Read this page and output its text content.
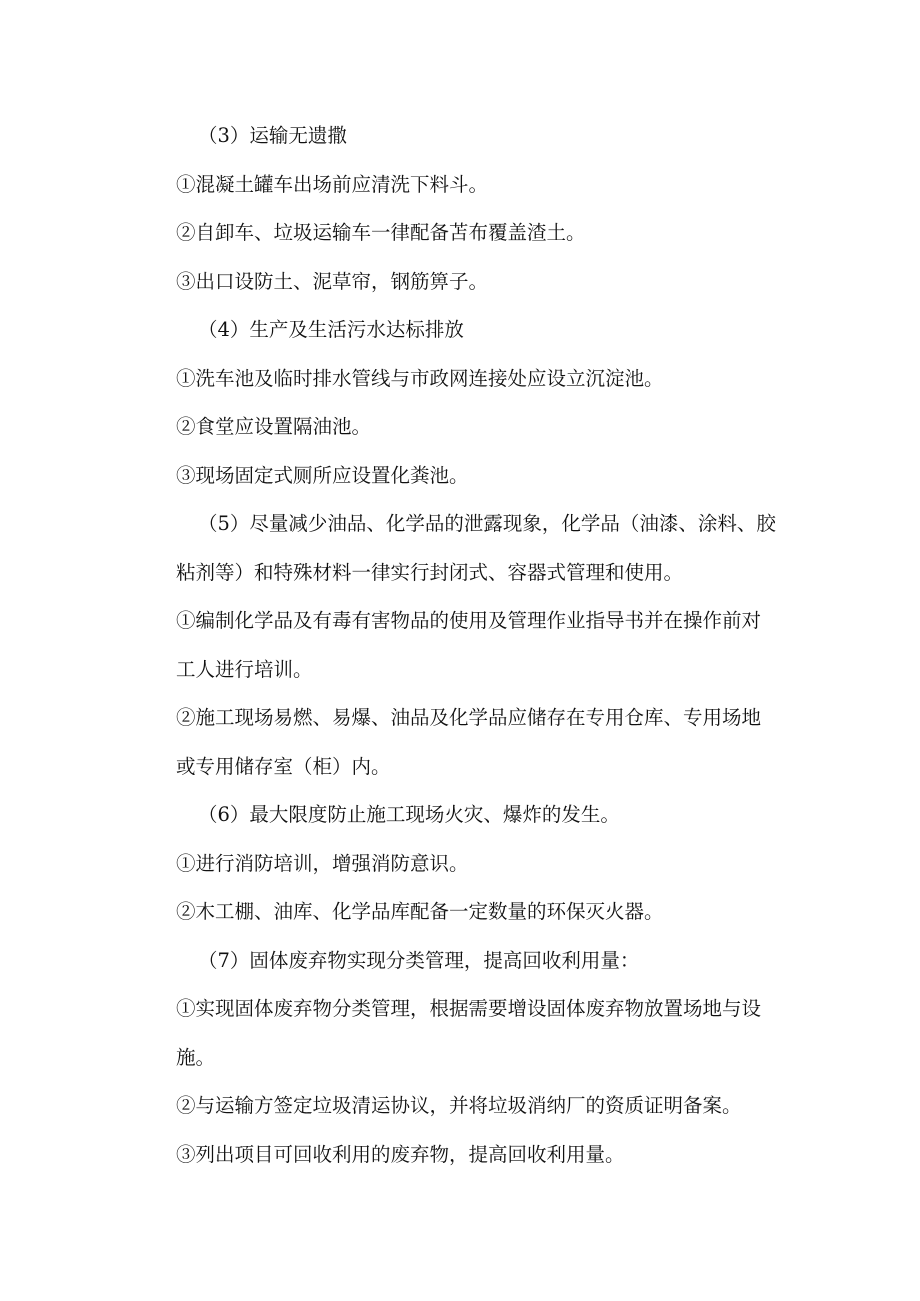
（3）运输无遗撒

①混凝土罐车出场前应清洗下料斗。

②自卸车、垃圾运输车一律配备苫布覆盖渣土。

③出口设防土、泥草帘，钢筋箅子。

（4）生产及生活污水达标排放

①洗车池及临时排水管线与市政网连接处应设立沉淀池。

②食堂应设置隔油池。

③现场固定式厕所应设置化粪池。

（5）尽量减少油品、化学品的泄露现象，化学品（油漆、涂料、胶

粘剂等）和特殊材料一律实行封闭式、容器式管理和使用。

①编制化学品及有毒有害物品的使用及管理作业指导书并在操作前对

工人进行培训。

②施工现场易燃、易爆、油品及化学品应储存在专用仓库、专用场地

或专用储存室（柜）内。

（6）最大限度防止施工现场火灾、爆炸的发生。

①进行消防培训，增强消防意识。

②木工棚、油库、化学品库配备一定数量的环保灭火器。

（7）固体废弃物实现分类管理，提高回收利用量：

①实现固体废弃物分类管理，根据需要增设固体废弃物放置场地与设

施。

②与运输方签定垃圾清运协议，并将垃圾消纳厂的资质证明备案。

③列出项目可回收利用的废弃物，提高回收利用量。
